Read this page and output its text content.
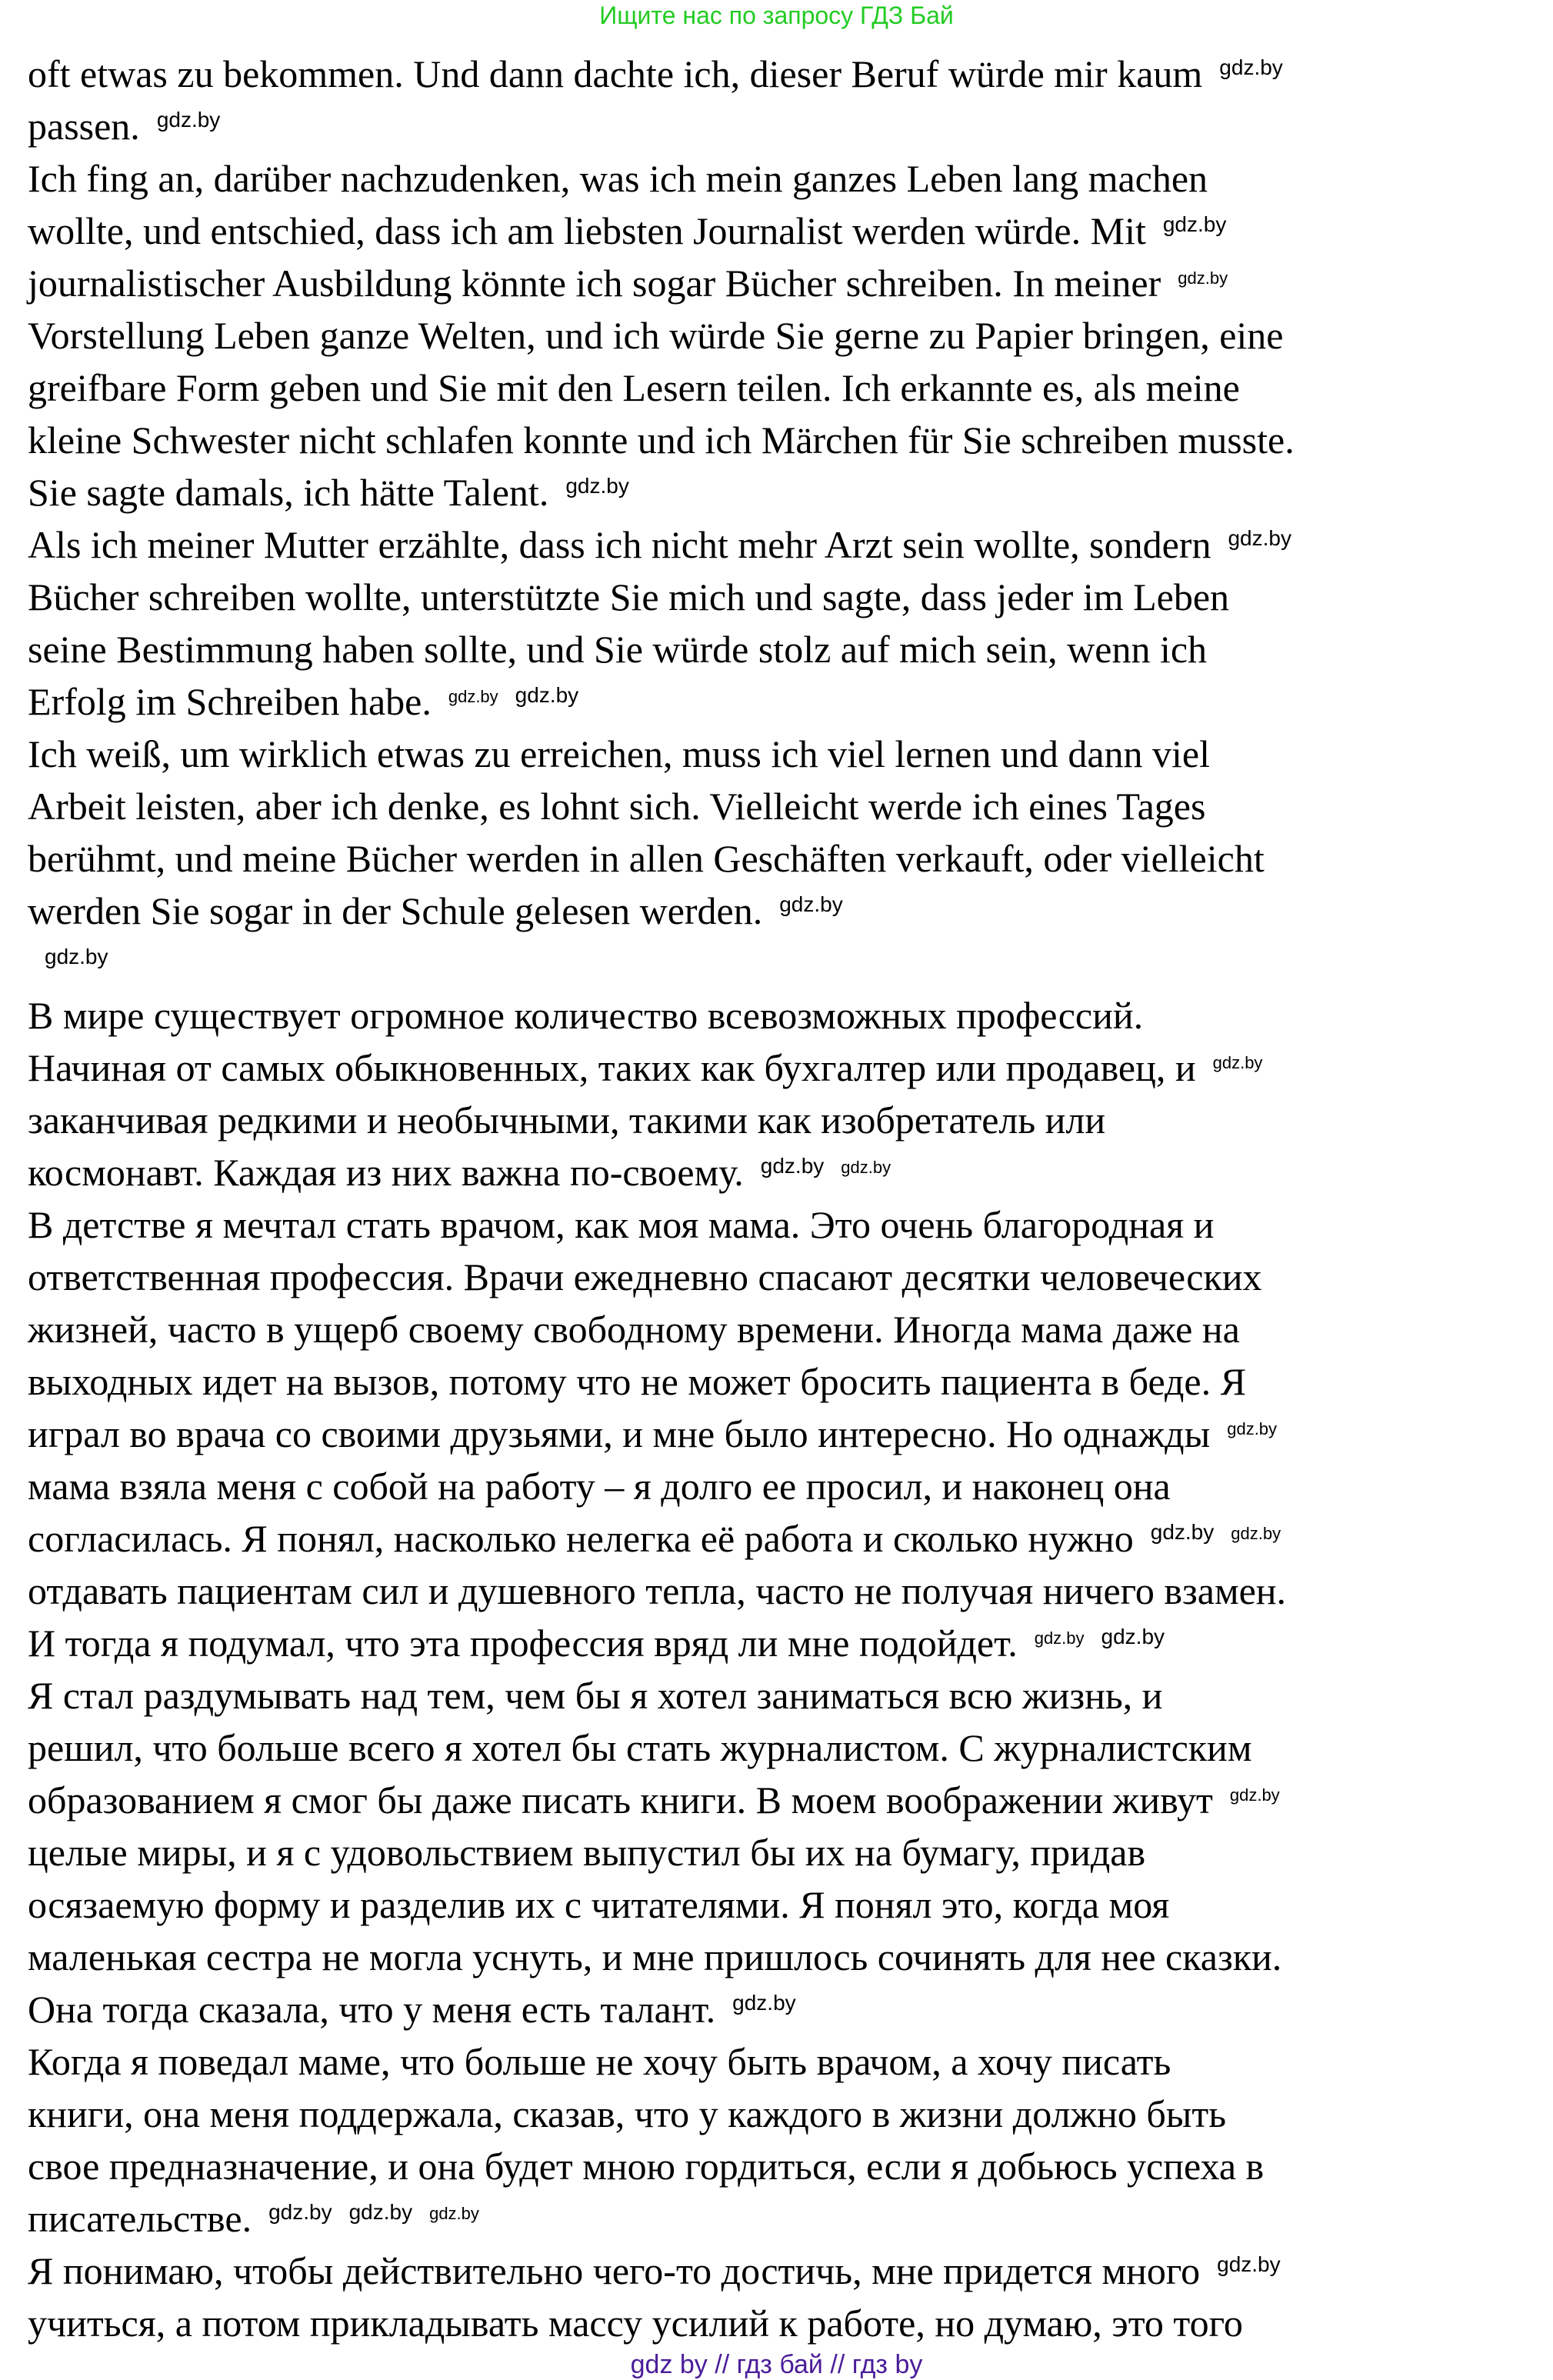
Ищите нас по запросу ГДЗ Бай
oft etwas zu bekommen. Und dann dachte ich, dieser Beruf würde mir kaum $^{gdz.by}$
passen. $^{gdz.by}$
Ich fing an, darüber nachzudenken, was ich mein ganzes Leben lang machen
wollte, und entschied, dass ich am liebsten Journalist werden würde. Mit $^{gdz.by}$
journalistischer Ausbildung könnte ich sogar Bücher schreiben. In meiner $^{gdz.by}$
Vorstellung Leben ganze Welten, und ich würde Sie gerne zu Papier bringen, eine
greifbare Form geben und Sie mit den Lesern teilen. Ich erkannte es, als meine
kleine Schwester nicht schlafen konnte und ich Märchen für Sie schreiben musste.
Sie sagte damals, ich hätte Talent. $^{gdz.by}$
Als ich meiner Mutter erzählte, dass ich nicht mehr Arzt sein wollte, sondern $^{gdz.by}$
Bücher schreiben wollte, unterstützte Sie mich und sagte, dass jeder im Leben
seine Bestimmung haben sollte, und Sie würde stolz auf mich sein, wenn ich
Erfolg im Schreiben habe. $^{gdz.by}$ $^{gdz.by}$
Ich weiß, um wirklich etwas zu erreichen, muss ich viel lernen und dann viel
Arbeit leisten, aber ich denke, es lohnt sich. Vielleicht werde ich eines Tages
berühmt, und meine Bücher werden in allen Geschäften verkauft, oder vielleicht
werden Sie sogar in der Schule gelesen werden. $^{gdz.by}$
$^{gdz.by}$
В мире существует огромное количество всевозможных профессий.
Начиная от самых обыкновенных, таких как бухгалтер или продавец, и $^{gdz.by}$
заканчивая редкими и необычными, такими как изобретатель или
космонавт. Каждая из них важна по-своему. $^{gdz.by}$ $^{gdz.by}$
В детстве я мечтал стать врачом, как моя мама. Это очень благородная и
ответственная профессия. Врачи ежедневно спасают десятки человеческих
жизней, часто в ущерб своему свободному времени. Иногда мама даже на
выходных идет на вызов, потому что не может бросить пациента в беде. Я
играл во врача со своими друзьями, и мне было интересно. Но однажды $^{gdz.by}$
мама взяла меня с собой на работу – я долго ее просил, и наконец она
согласилась. Я понял, насколько нелегка её работа и сколько нужно $^{gdz.by}$ $^{gdz.by}$
отдавать пациентам сил и душевного тепла, часто не получая ничего взамен.
И тогда я подумал, что эта профессия вряд ли мне подойдет. $^{gdz.by}$ $^{gdz.by}$
Я стал раздумывать над тем, чем бы я хотел заниматься всю жизнь, и
решил, что больше всего я хотел бы стать журналистом. С журналистским
образованием я смог бы даже писать книги. В моем воображении живут $^{gdz.by}$
целые миры, и я с удовольствием выпустил бы их на бумагу, придав
осязаемую форму и разделив их с читателями. Я понял это, когда моя
маленькая сестра не могла уснуть, и мне пришлось сочинять для нее сказки.
Она тогда сказала, что у меня есть талант. $^{gdz.by}$
Когда я поведал маме, что больше не хочу быть врачом, а хочу писать
книги, она меня поддержала, сказав, что у каждого в жизни должно быть
свое предназначение, и она будет мною гордиться, если я добьюсь успеха в
писательстве. $^{gdz.by}$ $^{gdz.by}$ $^{gdz.by}$
Я понимаю, чтобы действительно чего-то достичь, мне придется много $^{gdz.by}$
учиться, а потом прикладывать массу усилий к работе, но думаю, это того
gdz by // гдз бай // гдз by
